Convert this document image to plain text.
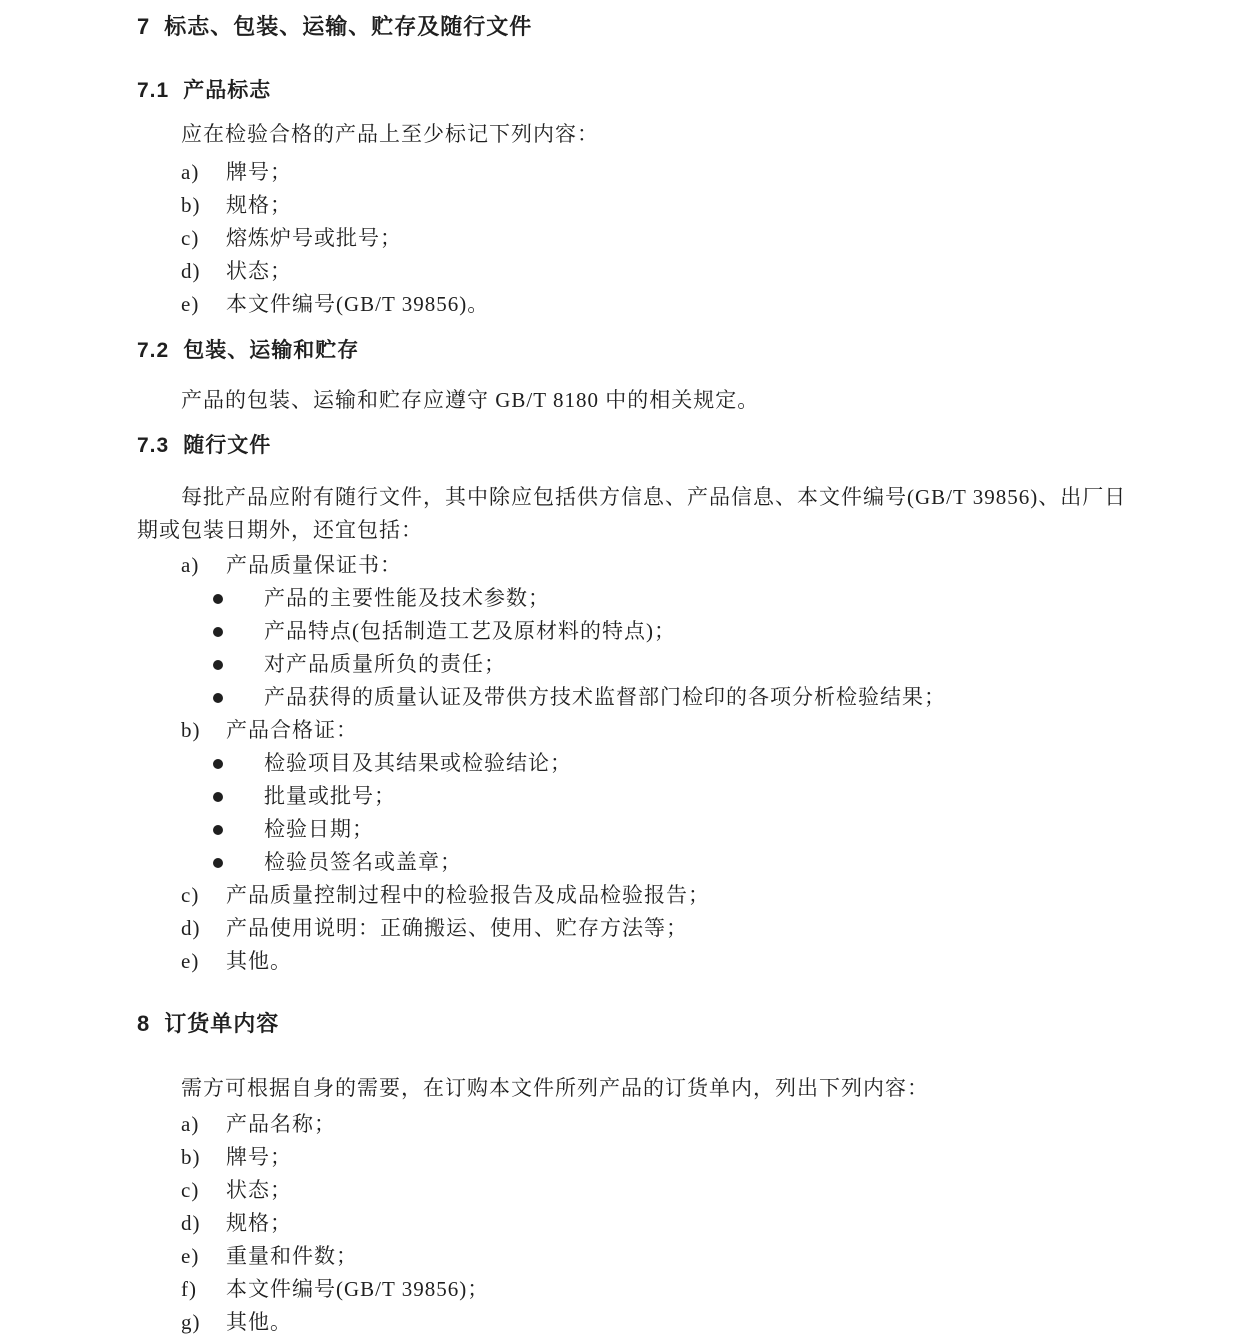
7 标志、包装、运输、贮存及随行文件
7.1 产品标志
应在检验合格的产品上至少标记下列内容：
a)	牌号；
b)	规格；
c)	熔炼炉号或批号；
d)	状态；
e)	本文件编号(GB/T 39856)。
7.2 包装、运输和贮存
产品的包装、运输和贮存应遵守 GB/T 8180 中的相关规定。
7.3 随行文件
每批产品应附有随行文件，其中除应包括供方信息、产品信息、本文件编号(GB/T 39856)、出厂日
期或包装日期外，还宜包括：
a)	产品质量保证书：
产品的主要性能及技术参数；
产品特点(包括制造工艺及原材料的特点)；
对产品质量所负的责任；
产品获得的质量认证及带供方技术监督部门检印的各项分析检验结果；
b)	产品合格证：
检验项目及其结果或检验结论；
批量或批号；
检验日期；
检验员签名或盖章；
c)	产品质量控制过程中的检验报告及成品检验报告；
d)	产品使用说明：正确搬运、使用、贮存方法等；
e)	其他。
8 订货单内容
需方可根据自身的需要，在订购本文件所列产品的订货单内，列出下列内容：
a)	产品名称；
b)	牌号；
c)	状态；
d)	规格；
e)	重量和件数；
f)	本文件编号(GB/T 39856)；
g)	其他。
